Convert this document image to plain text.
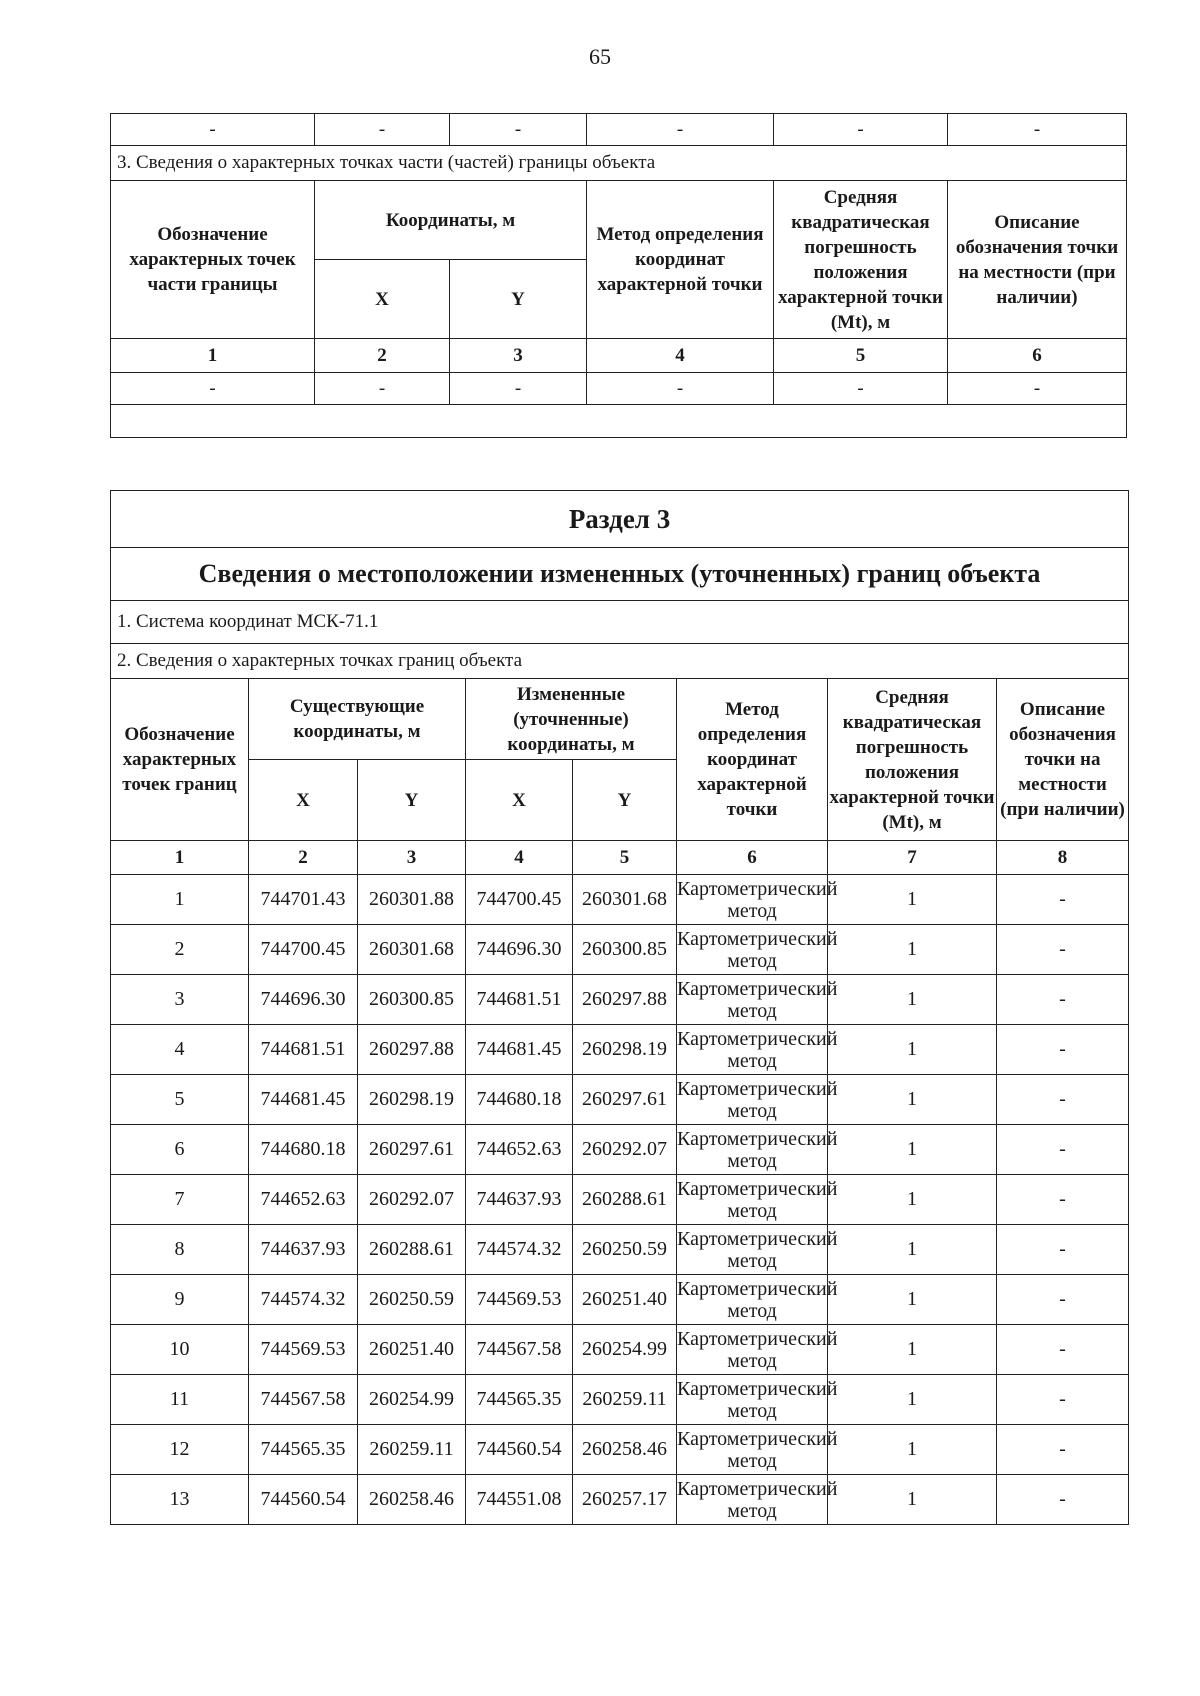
65
-	-	-	-	-	-
3. Сведения о характерных точках части (частей) границы объекта					
Обозначение характерных точек части границы	Координаты, м		Метод определения координат характерной точки	Средняя квадратическая погрешность положения характерной точки (Mt), м	Описание обозначения точки на местности (при наличии)
	X	Y			
1	2	3	4	5	6
-	-	-	-	-	-

Раздел 3							
Сведения о местоположении измененных (уточненных) границ объекта							
1. Система координат МСК-71.1							
2. Сведения о характерных точках границ объекта							
Обозначение характерных точек границ	Существующие координаты, м		Измененные (уточненные) координаты, м		Метод определения координат характерной точки	Средняя квадратическая погрешность положения характерной точки (Mt), м	Описание обозначения точки на местности (при наличии)
	X	Y	X	Y			
1	2	3	4	5	6	7	8
1	744701.43	260301.88	744700.45	260301.68	Картометрический метод	1	-
2	744700.45	260301.68	744696.30	260300.85	Картометрический метод	1	-
3	744696.30	260300.85	744681.51	260297.88	Картометрический метод	1	-
4	744681.51	260297.88	744681.45	260298.19	Картометрический метод	1	-
5	744681.45	260298.19	744680.18	260297.61	Картометрический метод	1	-
6	744680.18	260297.61	744652.63	260292.07	Картометрический метод	1	-
7	744652.63	260292.07	744637.93	260288.61	Картометрический метод	1	-
8	744637.93	260288.61	744574.32	260250.59	Картометрический метод	1	-
9	744574.32	260250.59	744569.53	260251.40	Картометрический метод	1	-
10	744569.53	260251.40	744567.58	260254.99	Картометрический метод	1	-
11	744567.58	260254.99	744565.35	260259.11	Картометрический метод	1	-
12	744565.35	260259.11	744560.54	260258.46	Картометрический метод	1	-
13	744560.54	260258.46	744551.08	260257.17	Картометрический метод	1	-
